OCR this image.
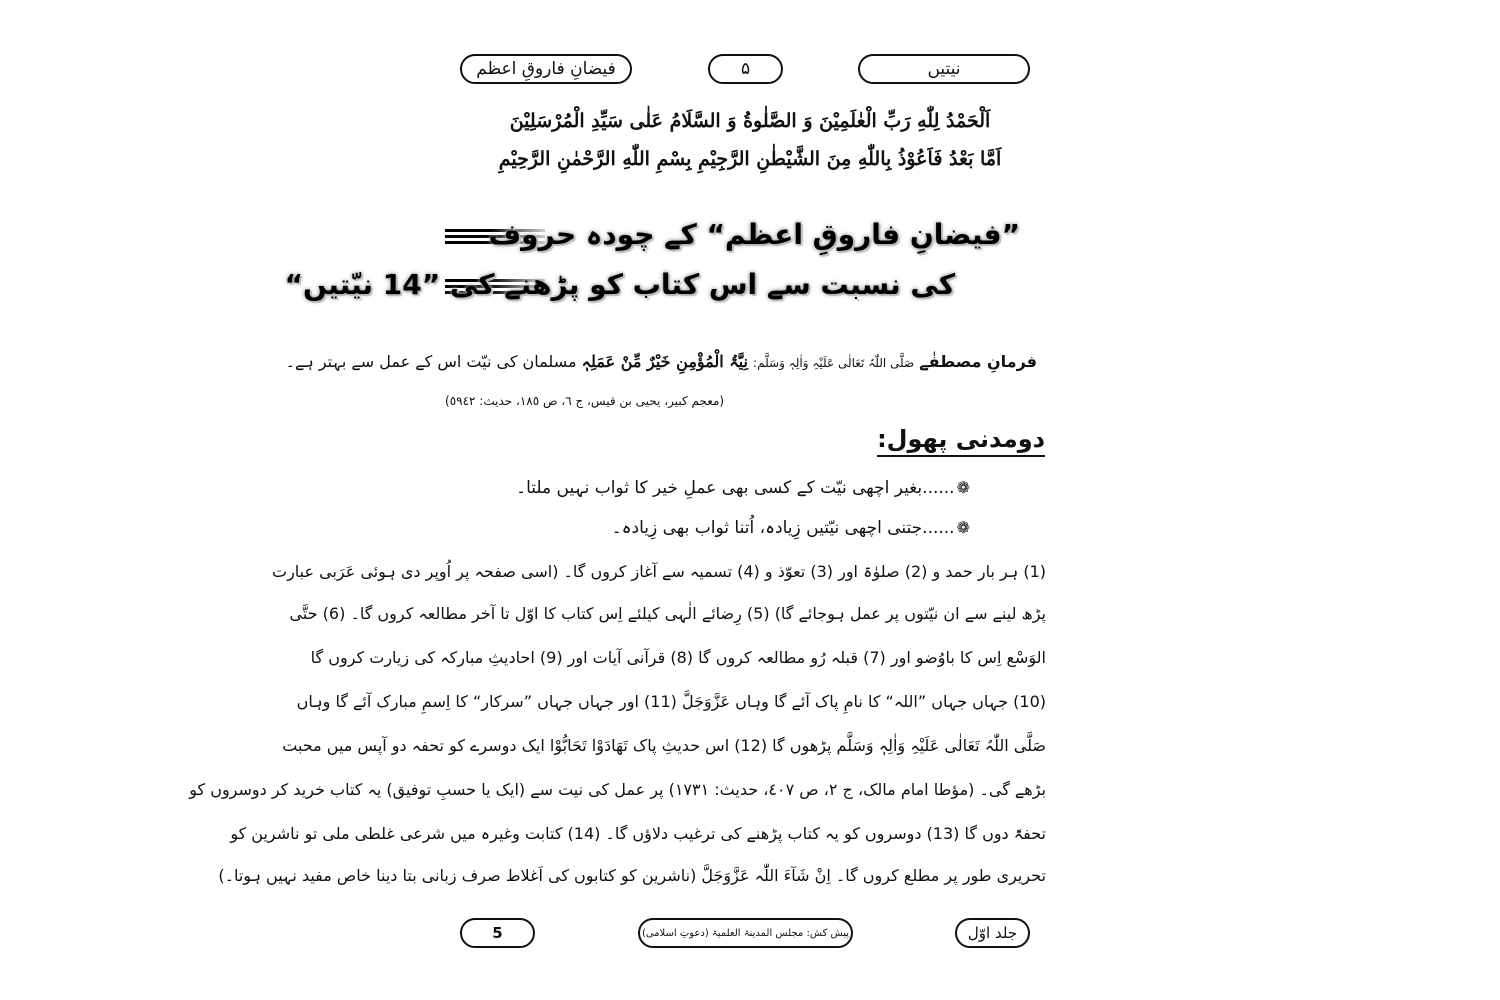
فیضانِ فاروقِ اعظم	۵	نیتیں
اَلْحَمْدُ لِلّٰهِ رَبِّ الْعٰلَمِیْنَ وَ الصَّلٰوةُ وَ السَّلَامُ عَلٰی سَیِّدِ الْمُرْسَلِیْنَ
اَمَّا بَعْدُ فَاَعُوْذُ بِاللّٰهِ مِنَ الشَّیْطٰنِ الرَّجِیْمِ بِسْمِ اللّٰهِ الرَّحْمٰنِ الرَّحِیْمِ
”فیضانِ فاروقِ اعظم“ کے چودہ حروف
کی نسبت سے اس کتاب کو پڑھنے کی ”14 نیّتیں“
فرمانِ مصطفٰے صَلَّی اللّٰہُ تَعَالٰی عَلَیْہِ وَاٰلِہٖ وَسَلَّم: نِیَّۃُ الْمُؤْمِنِ خَیْرٌ مِّنْ عَمَلِہٖ مسلمان کی نیّت اس کے عمل سے بہتر ہے۔
(معجم کبیر، یحیی بن قیس، ج ٦، ص ١٨٥، حدیث: ٥٩٤٢)
دومدنی پھول:
❁......بغیر اچھی نیّت کے کسی بھی عملِ خیر کا ثواب نہیں ملتا۔
❁......جتنی اچھی نیّتیں زِیادہ، اُتنا ثواب بھی زِیادہ۔
(1) ہر بار حمد و (2) صلوٰۃ اور (3) تعوّذ و (4) تسمیہ سے آغاز کروں گا۔ (اسی صفحہ پر اُوپر دی ہوئی عَرَبی عبارت
پڑھ لینے سے ان نیّتوں پر عمل ہوجائے گا) (5) رِضائے الٰہی کیلئے اِس کتاب کا اوّل تا آخر مطالعہ کروں گا۔ (6) حتَّی
الوَسْع اِس کا باوُضو اور (7) قبلہ رُو مطالعہ کروں گا (8) قرآنی آیات اور (9) احادیثِ مبارکہ کی زیارت کروں گا
(10) جہاں جہاں ”اللہ“ کا نامِ پاک آئے گا وہاں عَزَّوَجَلَّ (11) اور جہاں جہاں ”سرکار“ کا اِسمِ مبارک آئے گا وہاں
صَلَّی اللّٰہُ تَعَالٰی عَلَیْہِ وَاٰلِہٖ وَسَلَّم پڑھوں گا (12) اس حدیثِ پاک تَهَادَوْا تَحَابُّوْا ایک دوسرے کو تحفہ دو آپس میں محبت
بڑھے گی۔ (مؤطا امام مالک، ج ٢، ص ٤٠٧، حدیث: ١٧٣١) پر عمل کی نیت سے (ایک یا حسبِ توفیق) یہ کتاب خرید کر دوسروں کو
تحفۃً دوں گا (13) دوسروں کو یہ کتاب پڑھنے کی ترغیب دلاؤں گا۔ (14) کتابت وغیرہ میں شرعی غلطی ملی تو ناشرین کو
تحریری طور پر مطلع کروں گا۔ اِنْ شَآءَ اللّٰہ عَزَّوَجَلَّ (ناشرین کو کتابوں کی اَغلاط صرف زبانی بتا دینا خاص مفید نہیں ہوتا۔)
5	پیش کش: مجلس المدینۃ العلمیۃ (دعوتِ اسلامی)	جلد اوّل
